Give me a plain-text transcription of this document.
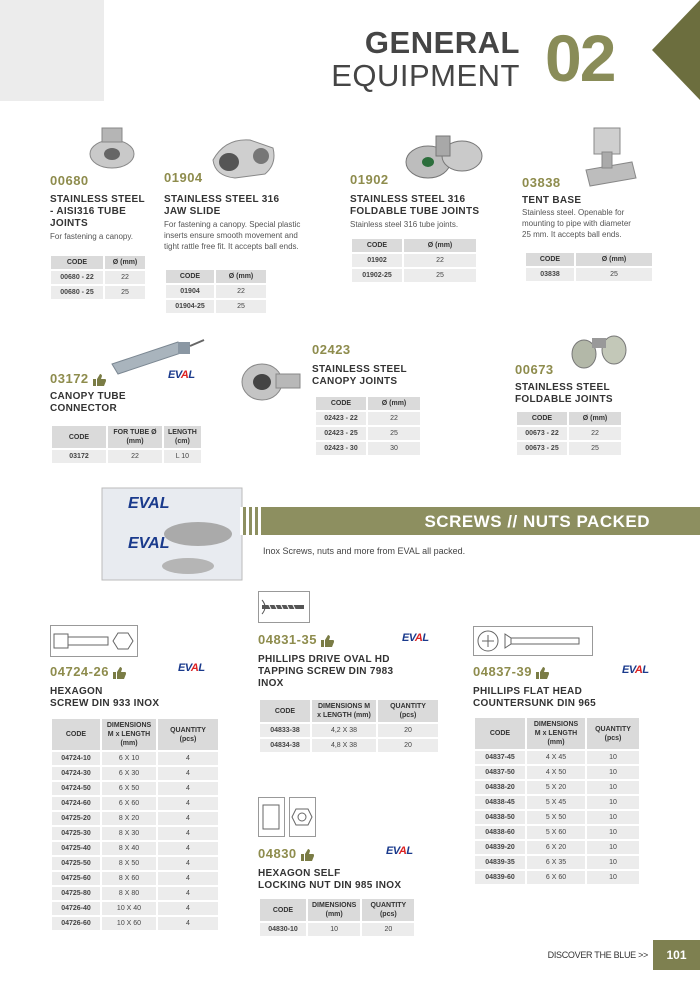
GENERAL
EQUIPMENT 02
00680
STAINLESS STEEL
- AISI316 TUBE
JOINTS
For fastening a canopy.
CODE	Ø (mm)
00680 - 22	22
00680 - 25	25
01904
STAINLESS STEEL 316
JAW SLIDE
For fastening a canopy. Special plastic
inserts ensure smooth movement and
tight rattle free fit. It accepts ball ends.
CODE	Ø (mm)
01904	22
01904-25	25
01902
STAINLESS STEEL 316
FOLDABLE TUBE JOINTS
Stainless steel 316 tube joints.
CODE	Ø (mm)
01902	22
01902-25	25
03838
TENT BASE
Stainless steel. Openable for
mounting to pipe with diameter
25 mm. It accepts ball ends.
CODE	Ø (mm)
03838	25
03172	EVAL
CANOPY TUBE
CONNECTOR
CODE	FOR TUBE Ø (mm)	LENGTH (cm)
03172	22	L 10
02423
STAINLESS STEEL
CANOPY JOINTS
CODE	Ø (mm)
02423 - 22	22
02423 - 25	25
02423 - 30	30
00673
STAINLESS STEEL
FOLDABLE JOINTS
CODE	Ø (mm)
00673 - 22	22
00673 - 25	25
EVAL
EVAL
SCREWS // NUTS PACKED
Inox Screws, nuts and more from EVAL all packed.
04724-26	EVAL
HEXAGON
SCREW DIN 933 INOX
CODE	DIMENSIONS M x LENGTH (mm)	QUANTITY (pcs)
04724-10	6 X 10	4
04724-30	6 X 30	4
04724-50	6 X 50	4
04724-60	6 X 60	4
04725-20	8 X 20	4
04725-30	8 X 30	4
04725-40	8 X 40	4
04725-50	8 X 50	4
04725-60	8 X 60	4
04725-80	8 X 80	4
04726-40	10 X 40	4
04726-60	10 X 60	4
04831-35	EVAL
PHILLIPS DRIVE OVAL HD
TAPPING SCREW DIN 7983
INOX
CODE	DIMENSIONS M x LENGTH (mm)	QUANTITY (pcs)
04833-38	4,2 X 38	20
04834-38	4,8 X 38	20
04830	EVAL
HEXAGON SELF
LOCKING NUT DIN 985 INOX
CODE	DIMENSIONS (mm)	QUANTITY (pcs)
04830-10	10	20
04837-39	EVAL
PHILLIPS FLAT HEAD
COUNTERSUNK DIN 965
CODE	DIMENSIONS M x LENGTH (mm)	QUANTITY (pcs)
04837-45	4 X 45	10
04837-50	4 X 50	10
04838-20	5 X 20	10
04838-45	5 X 45	10
04838-50	5 X 50	10
04838-60	5 X 60	10
04839-20	6 X 20	10
04839-35	6 X 35	10
04839-60	6 X 60	10
DISCOVER THE BLUE >>	101
